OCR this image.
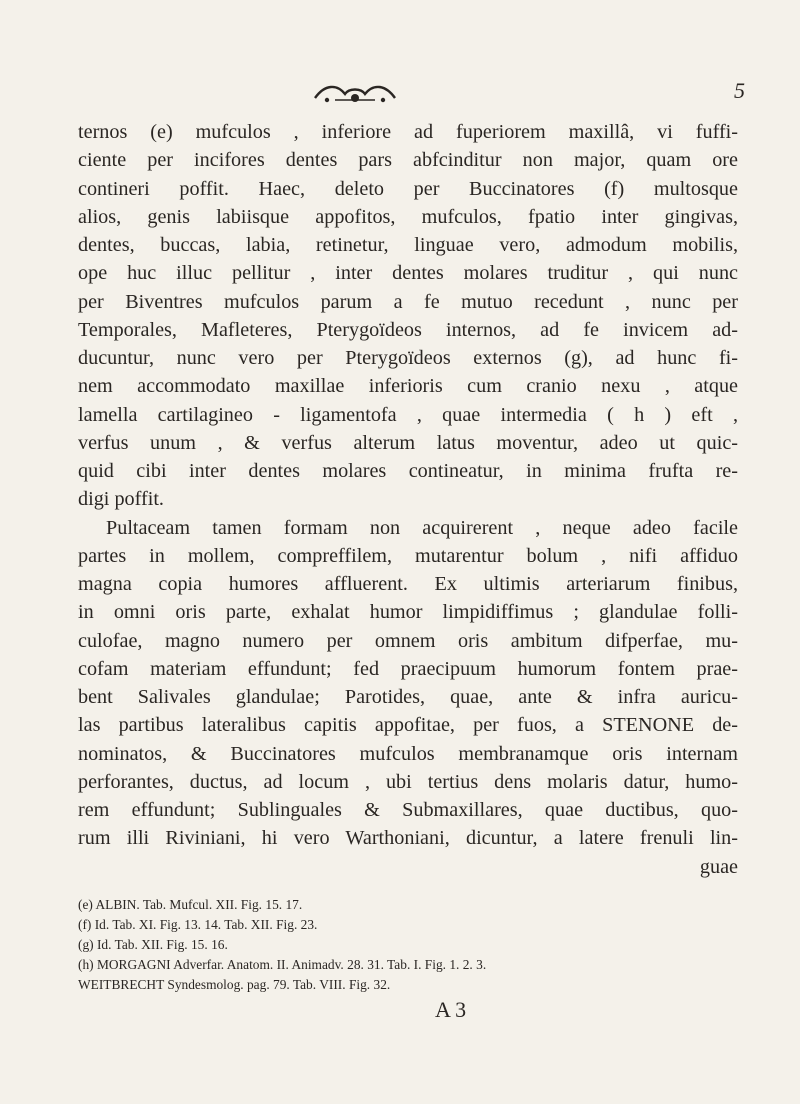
5
ternos (e) mufculos , inferiore ad fuperiorem maxillâ, vi fuffi-
ciente per incifores dentes pars abfcinditur non major, quam ore
contineri poffit. Haec, deleto per Buccinatores (f) multosque
alios, genis labiisque appofitos, mufculos, fpatio inter gingivas,
dentes, buccas, labia, retinetur, linguae vero, admodum mobilis,
ope huc illuc pellitur , inter dentes molares truditur , qui nunc
per Biventres mufculos parum a fe mutuo recedunt , nunc per
Temporales, Mafleteres, Pterygoïdeos internos, ad fe invicem ad-
ducuntur, nunc vero per Pterygoïdeos externos (g), ad hunc fi-
nem accommodato maxillae inferioris cum cranio nexu , atque
lamella cartilagineo - ligamentofa , quae intermedia ( h ) eft ,
verfus unum , & verfus alterum latus moventur, adeo ut quic-
quid cibi inter dentes molares contineatur, in minima frufta re-
digi poffit.
Pultaceam tamen formam non acquirerent , neque adeo facile
partes in mollem, compreffilem, mutarentur bolum , nifi affiduo
magna copia humores affluerent. Ex ultimis arteriarum finibus,
in omni oris parte, exhalat humor limpidiffimus ; glandulae folli-
culofae, magno numero per omnem oris ambitum difperfae, mu-
cofam materiam effundunt; fed praecipuum humorum fontem prae-
bent Salivales glandulae; Parotides, quae, ante & infra auricu-
las partibus lateralibus capitis appofitae, per fuos, a STENONE de-
nominatos, & Buccinatores mufculos membranamque oris internam
perforantes, ductus, ad locum , ubi tertius dens molaris datur, humo-
rem effundunt; Sublinguales & Submaxillares, quae ductibus, quo-
rum illi Riviniani, hi vero Warthoniani, dicuntur, a latere frenuli lin-
guae
(e) ALBIN. Tab. Mufcul. XII. Fig. 15. 17.
(f) Id. Tab. XI. Fig. 13. 14. Tab. XII. Fig. 23.
(g) Id. Tab. XII. Fig. 15. 16.
(h) MORGAGNI Adverfar. Anatom. II. Animadv. 28. 31. Tab. I. Fig. 1. 2. 3.
WEITBRECHT Syndesmolog. pag. 79. Tab. VIII. Fig. 32.
A 3
